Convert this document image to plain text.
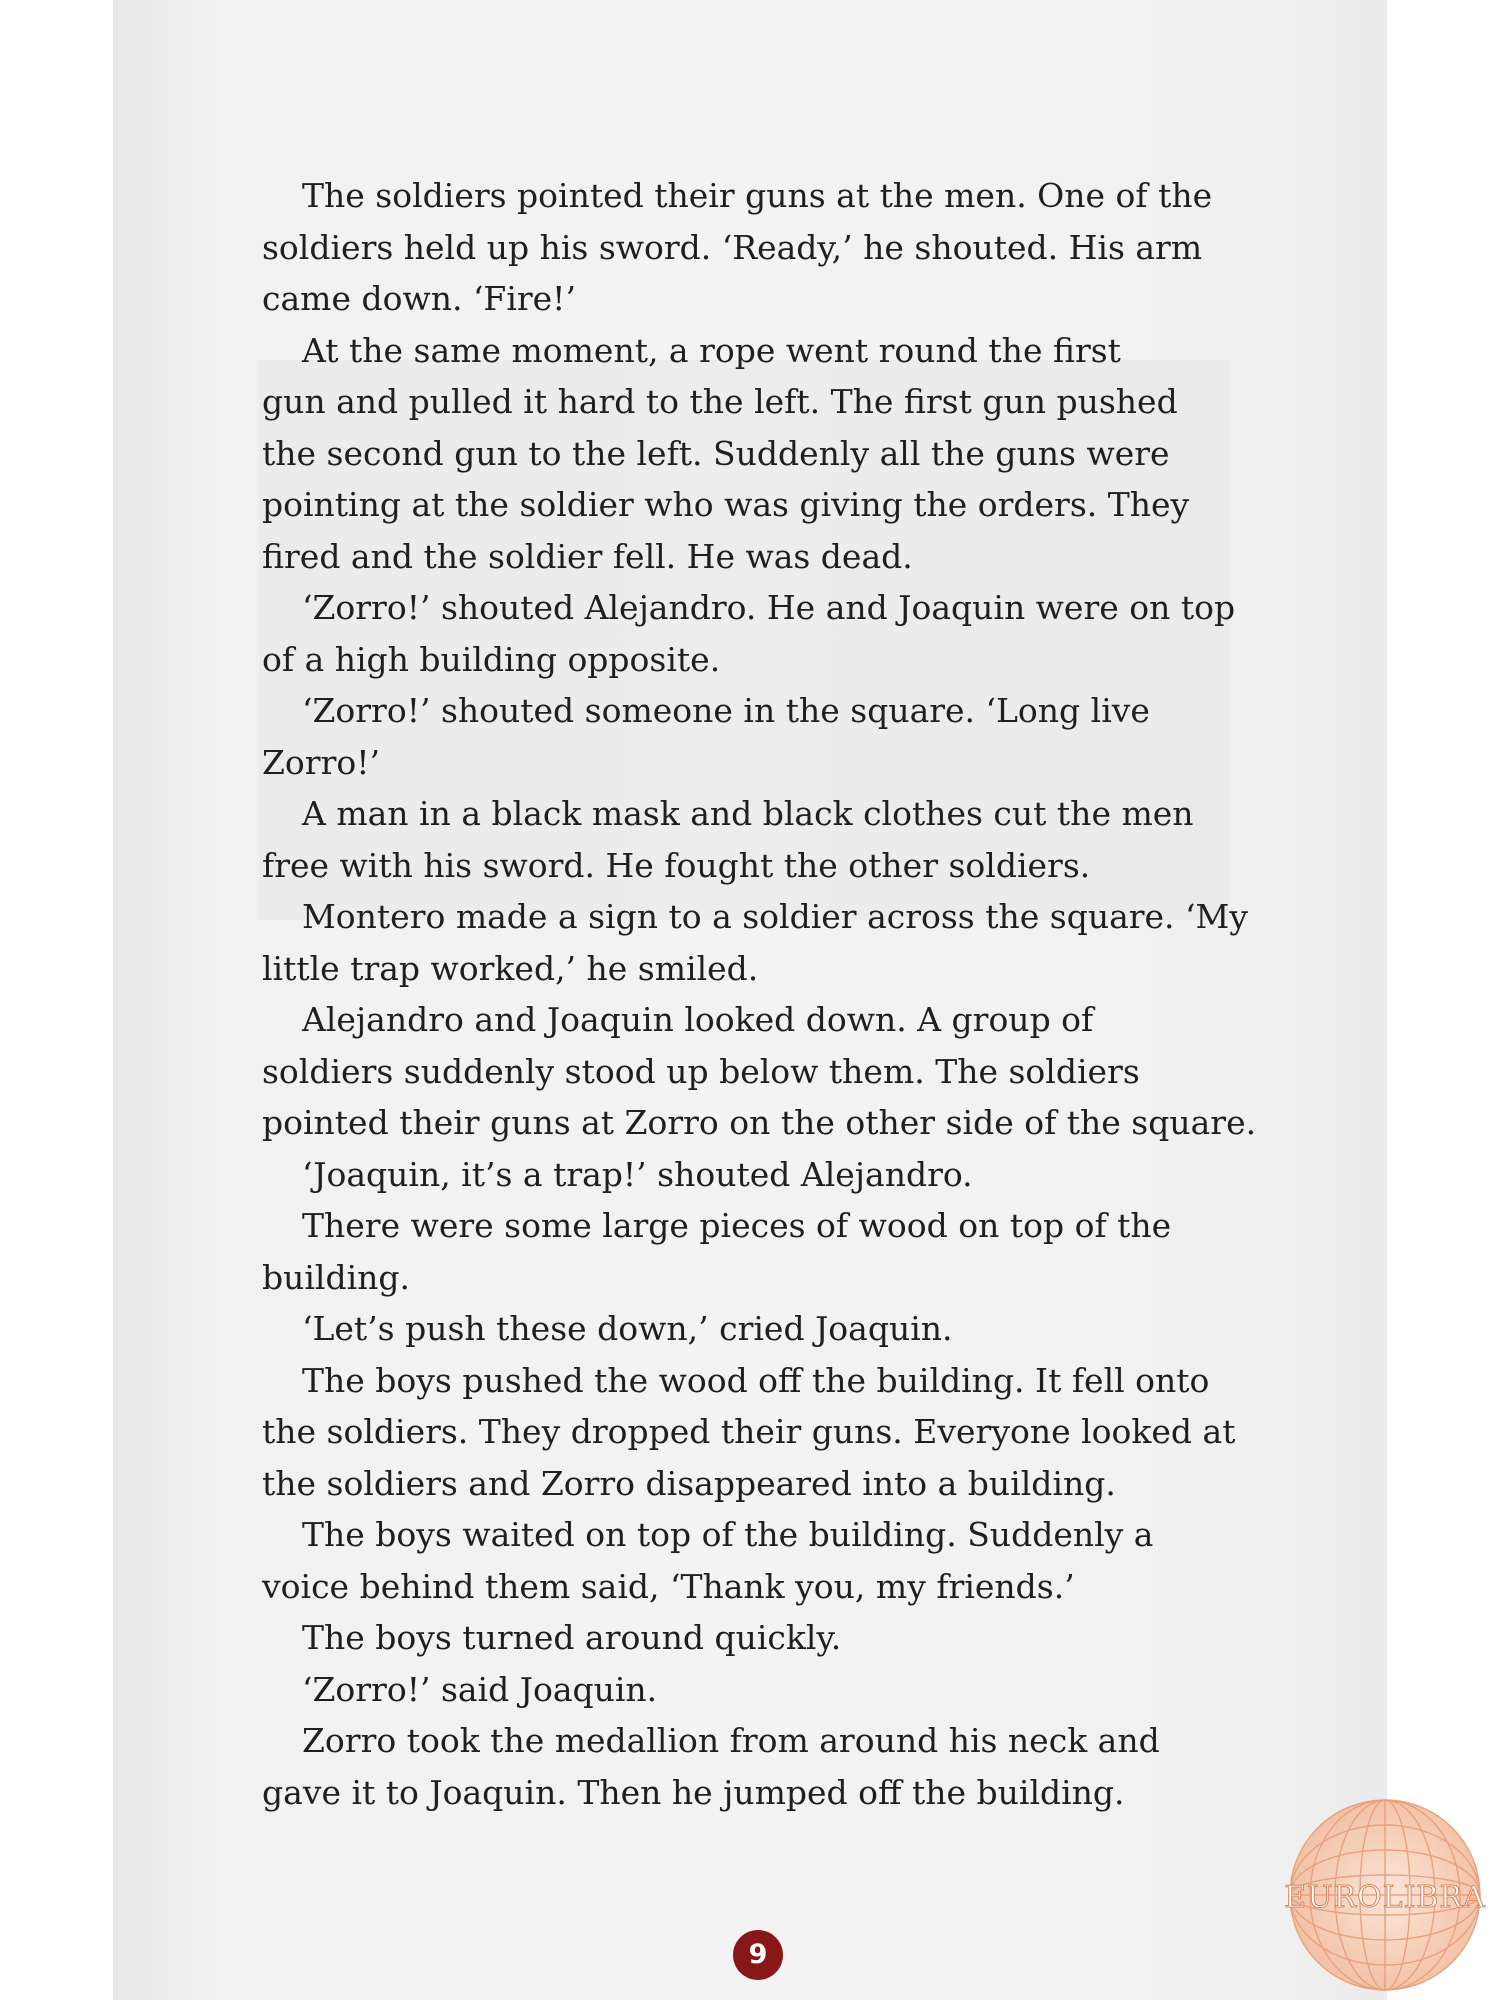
The soldiers pointed their guns at the men. One of the
soldiers held up his sword. ‘Ready,’ he shouted. His arm
came down. ‘Fire!’
At the same moment, a rope went round the first
gun and pulled it hard to the left. The first gun pushed
the second gun to the left. Suddenly all the guns were
pointing at the soldier who was giving the orders. They
fired and the soldier fell. He was dead.
‘Zorro!’ shouted Alejandro. He and Joaquin were on top
of a high building opposite.
‘Zorro!’ shouted someone in the square. ‘Long live
Zorro!’
A man in a black mask and black clothes cut the men
free with his sword. He fought the other soldiers.
Montero made a sign to a soldier across the square. ‘My
little trap worked,’ he smiled.
Alejandro and Joaquin looked down. A group of
soldiers suddenly stood up below them. The soldiers
pointed their guns at Zorro on the other side of the square.
‘Joaquin, it’s a trap!’ shouted Alejandro.
There were some large pieces of wood on top of the
building.
‘Let’s push these down,’ cried Joaquin.
The boys pushed the wood off the building. It fell onto
the soldiers. They dropped their guns. Everyone looked at
the soldiers and Zorro disappeared into a building.
The boys waited on top of the building. Suddenly a
voice behind them said, ‘Thank you, my friends.’
The boys turned around quickly.
‘Zorro!’ said Joaquin.
Zorro took the medallion from around his neck and
gave it to Joaquin. Then he jumped off the building.
9
EUROLIBRA
